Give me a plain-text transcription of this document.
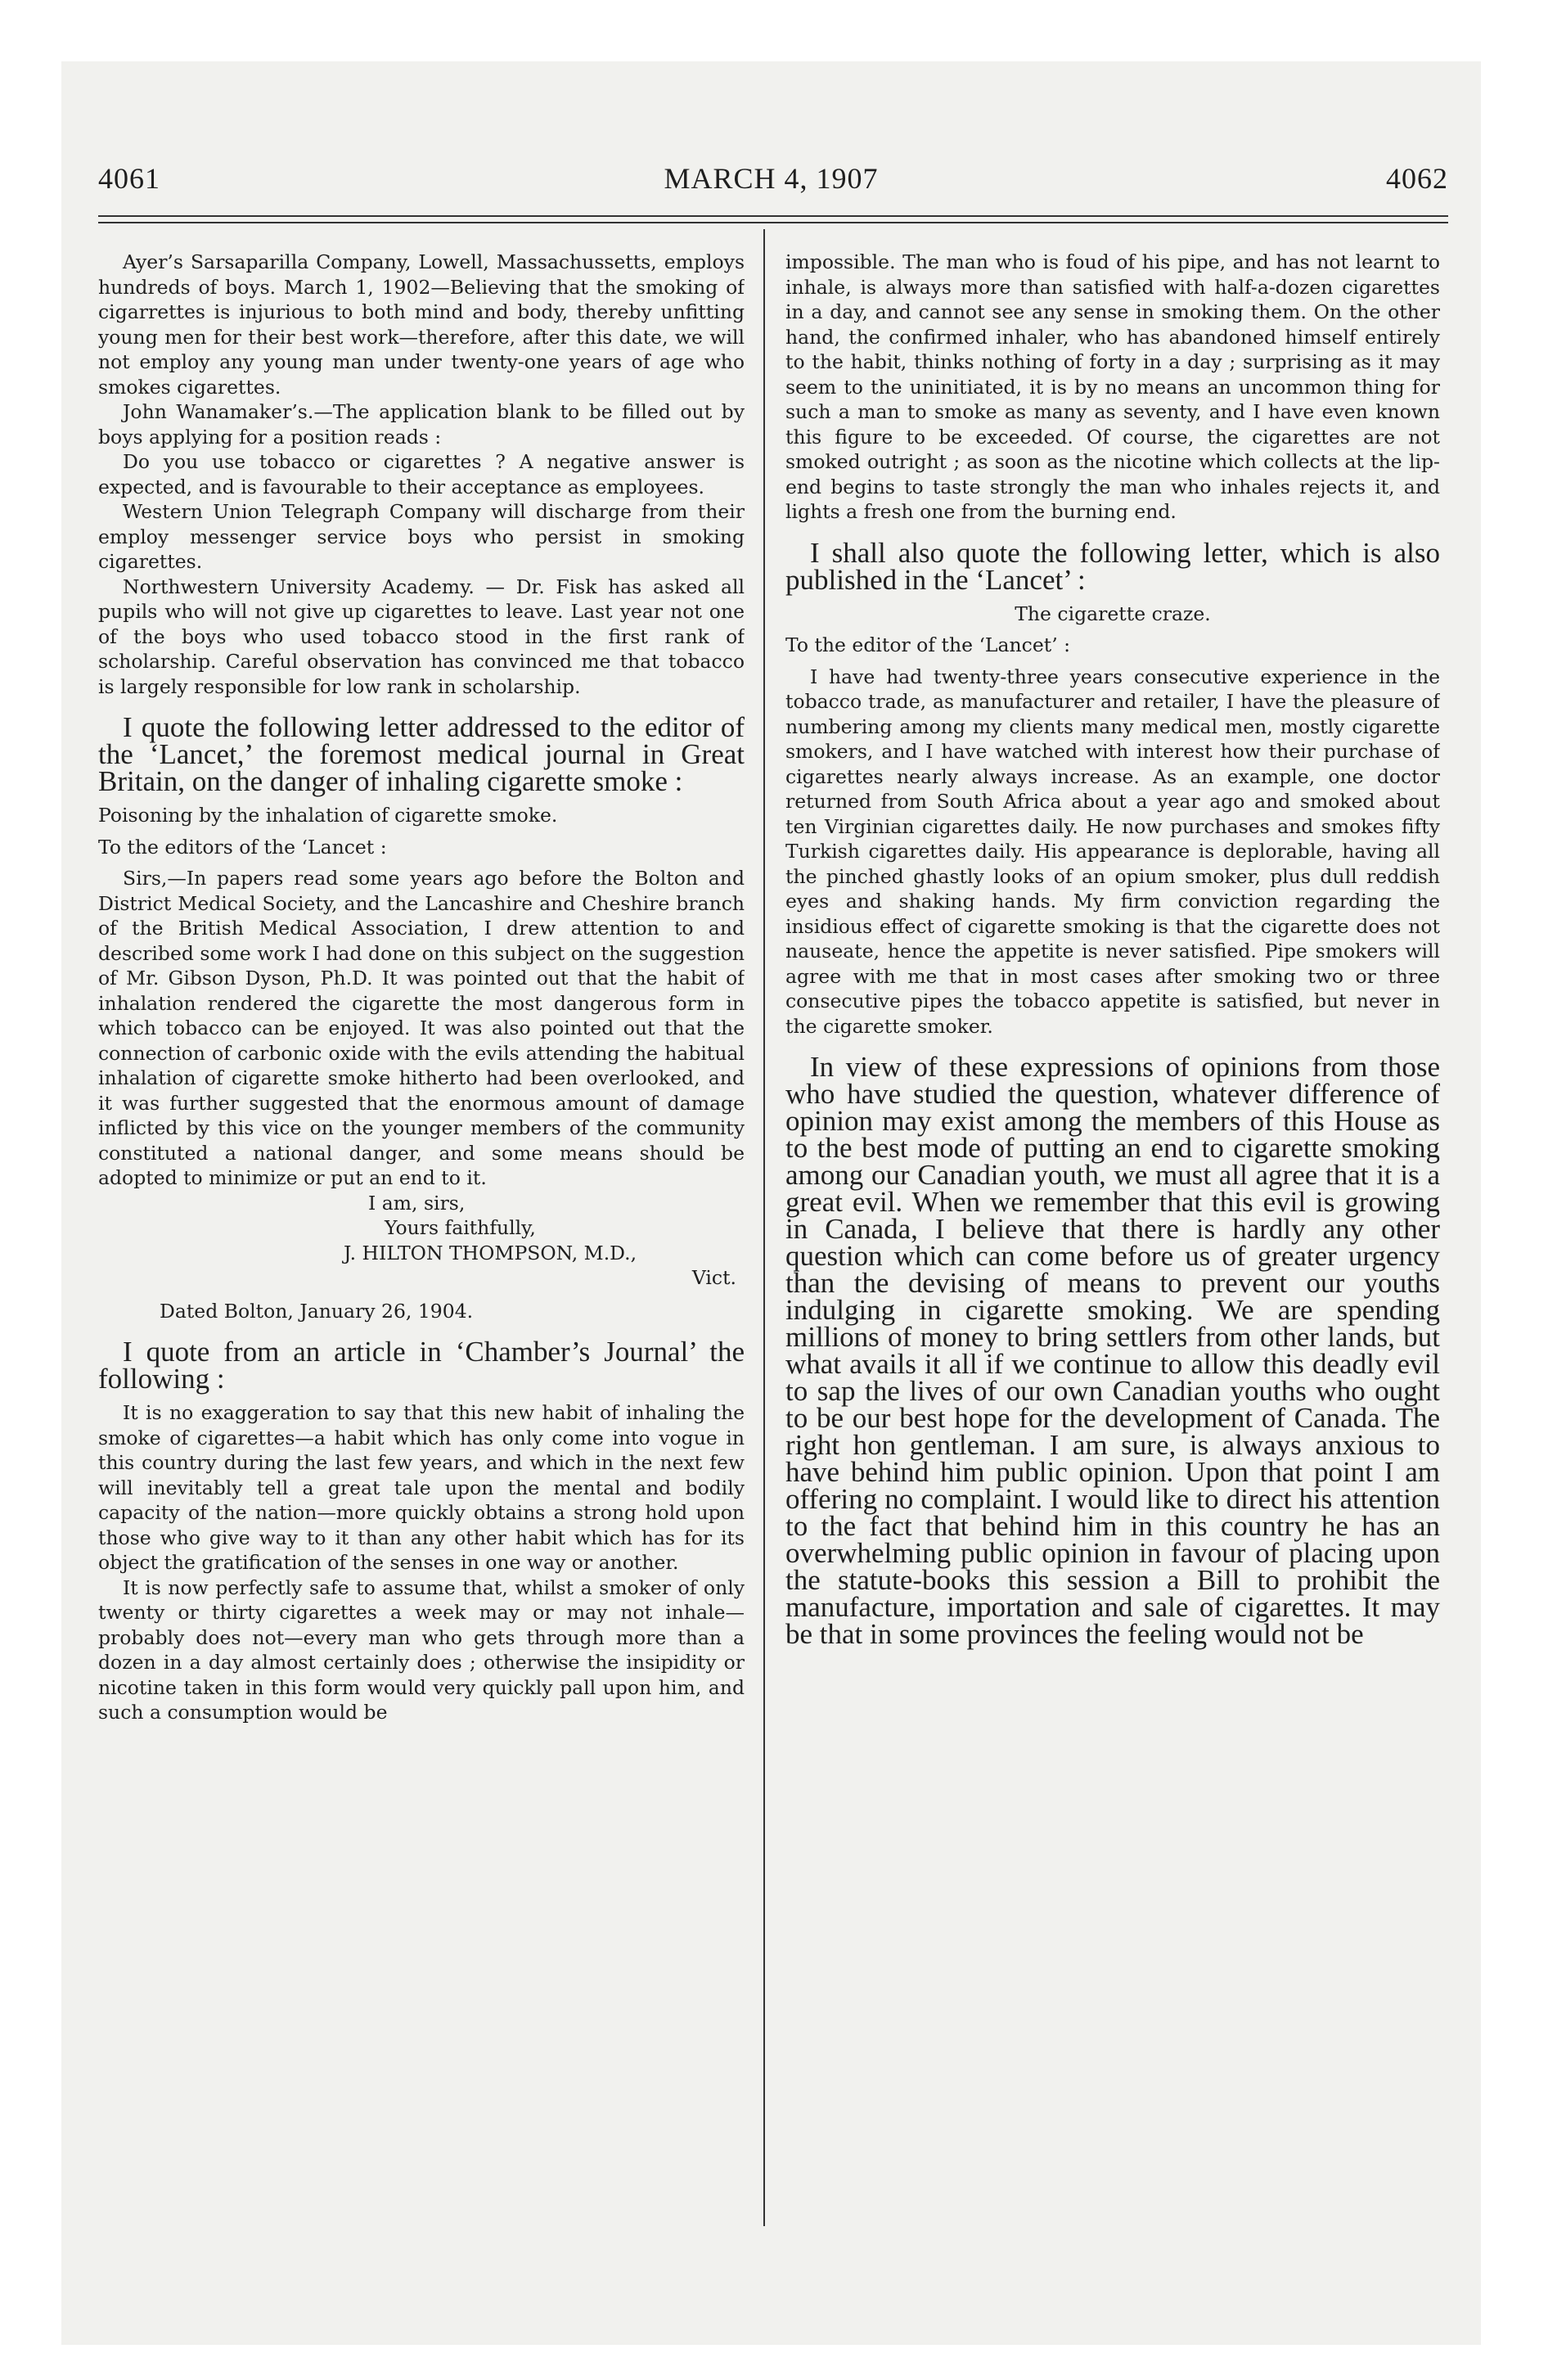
4061	MARCH 4, 1907	4062

Ayer’s Sarsaparilla Company, Lowell, Massachussetts, employs hundreds of boys. March 1, 1902—Believing that the smoking of cigarrettes is injurious to both mind and body, thereby unfitting young men for their best work—therefore, after this date, we will not employ any young man under twenty-one years of age who smokes cigarettes.

John Wanamaker’s.—The application blank to be filled out by boys applying for a position reads :

Do you use tobacco or cigarettes ? A negative answer is expected, and is favourable to their acceptance as employees.

Western Union Telegraph Company will discharge from their employ messenger service boys who persist in smoking cigarettes.

Northwestern University Academy. — Dr. Fisk has asked all pupils who will not give up cigarettes to leave. Last year not one of the boys who used tobacco stood in the first rank of scholarship. Careful observation has convinced me that tobacco is largely responsible for low rank in scholarship.

I quote the following letter addressed to the editor of the ‘Lancet,’ the foremost medical journal in Great Britain, on the danger of inhaling cigarette smoke :

Poisoning by the inhalation of cigarette smoke.

To the editors of the ‘Lancet :

Sirs,—In papers read some years ago before the Bolton and District Medical Society, and the Lancashire and Cheshire branch of the British Medical Association, I drew attention to and described some work I had done on this subject on the suggestion of Mr. Gibson Dyson, Ph.D. It was pointed out that the habit of inhalation rendered the cigarette the most dangerous form in which tobacco can be enjoyed. It was also pointed out that the connection of carbonic oxide with the evils attending the habitual inhalation of cigarette smoke hitherto had been overlooked, and it was further suggested that the enormous amount of damage inflicted by this vice on the younger members of the community constituted a national danger, and some means should be adopted to minimize or put an end to it.

I am, sirs,

Yours faithfully,

J. HILTON THOMPSON, M.D.,

Vict.

Dated Bolton, January 26, 1904.

I quote from an article in ‘Chamber’s Journal’ the following :

It is no exaggeration to say that this new habit of inhaling the smoke of cigarettes—a habit which has only come into vogue in this country during the last few years, and which in the next few will inevitably tell a great tale upon the mental and bodily capacity of the nation—more quickly obtains a strong hold upon those who give way to it than any other habit which has for its object the gratification of the senses in one way or another.

It is now perfectly safe to assume that, whilst a smoker of only twenty or thirty cigarettes a week may or may not inhale—probably does not—every man who gets through more than a dozen in a day almost certainly does ; otherwise the insipidity or nicotine taken in this form would very quickly pall upon him, and such a consumption would be

impossible. The man who is foud of his pipe, and has not learnt to inhale, is always more than satisfied with half-a-dozen cigarettes in a day, and cannot see any sense in smoking them. On the other hand, the confirmed inhaler, who has abandoned himself entirely to the habit, thinks nothing of forty in a day ; surprising as it may seem to the uninitiated, it is by no means an uncommon thing for such a man to smoke as many as seventy, and I have even known this figure to be exceeded. Of course, the cigarettes are not smoked outright ; as soon as the nicotine which collects at the lip-end begins to taste strongly the man who inhales rejects it, and lights a fresh one from the burning end.

I shall also quote the following letter, which is also published in the ‘Lancet’ :

The cigarette craze.

To the editor of the ‘Lancet’ :

I have had twenty-three years consecutive experience in the tobacco trade, as manufacturer and retailer, I have the pleasure of numbering among my clients many medical men, mostly cigarette smokers, and I have watched with interest how their purchase of cigarettes nearly always increase. As an example, one doctor returned from South Africa about a year ago and smoked about ten Virginian cigarettes daily. He now purchases and smokes fifty Turkish cigarettes daily. His appearance is deplorable, having all the pinched ghastly looks of an opium smoker, plus dull reddish eyes and shaking hands. My firm conviction regarding the insidious effect of cigarette smoking is that the cigarette does not nauseate, hence the appetite is never satisfied. Pipe smokers will agree with me that in most cases after smoking two or three consecutive pipes the tobacco appetite is satisfied, but never in the cigarette smoker.

In view of these expressions of opinions from those who have studied the question, whatever difference of opinion may exist among the members of this House as to the best mode of putting an end to cigarette smoking among our Canadian youth, we must all agree that it is a great evil. When we remember that this evil is growing in Canada, I believe that there is hardly any other question which can come before us of greater urgency than the devising of means to prevent our youths indulging in cigarette smoking. We are spending millions of money to bring settlers from other lands, but what avails it all if we continue to allow this deadly evil to sap the lives of our own Canadian youths who ought to be our best hope for the development of Canada. The right hon gentleman. I am sure, is always anxious to have behind him public opinion. Upon that point I am offering no complaint. I would like to direct his attention to the fact that behind him in this country he has an overwhelming public opinion in favour of placing upon the statute-books this session a Bill to prohibit the manufacture, importation and sale of cigarettes. It may be that in some provinces the feeling would not be
